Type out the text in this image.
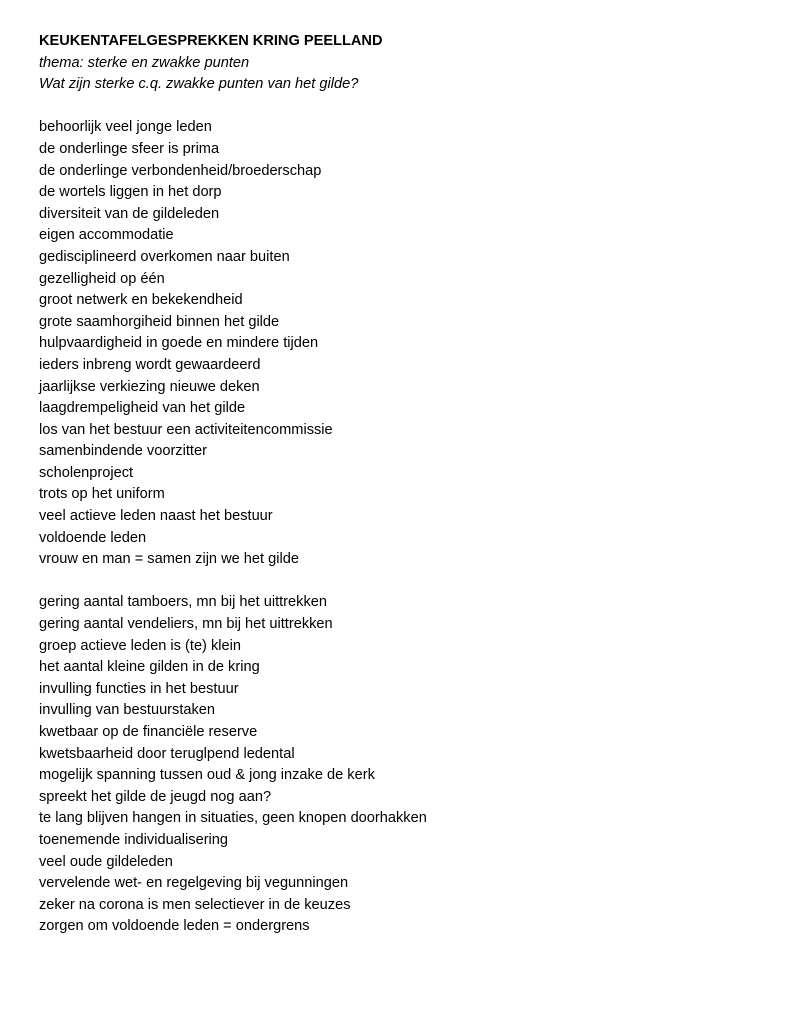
KEUKENTAFELGESPREKKEN KRING PEELLAND
thema: sterke en zwakke punten
Wat zijn sterke c.q. zwakke punten van het gilde?
behoorlijk veel jonge leden
de onderlinge sfeer is prima
de onderlinge verbondenheid/broederschap
de wortels liggen in het dorp
diversiteit van de gildeleden
eigen accommodatie
gedisciplineerd overkomen naar buiten
gezelligheid op één
groot netwerk en bekekendheid
grote saamhorgiheid binnen het gilde
hulpvaardigheid in goede en mindere tijden
ieders inbreng wordt gewaardeerd
jaarlijkse verkiezing nieuwe deken
laagdrempeligheid van het gilde
los van het bestuur een activiteitencommissie
samenbindende voorzitter
scholenproject
trots op het uniform
veel actieve leden naast het bestuur
voldoende leden
vrouw en man = samen zijn we het gilde
gering aantal tamboers, mn bij het uittrekken
gering aantal vendeliers, mn bij het uittrekken
groep actieve leden is (te) klein
het aantal kleine gilden in de kring
invulling functies in het bestuur
invulling van bestuurstaken
kwetbaar op de financiële reserve
kwetsbaarheid door teruglpend ledental
mogelijk spanning tussen oud & jong inzake de kerk
spreekt het gilde de jeugd nog aan?
te lang blijven hangen in situaties, geen knopen doorhakken
toenemende individualisering
veel oude gildeleden
vervelende wet- en regelgeving bij vegunningen
zeker na corona is men selectiever in de keuzes
zorgen om voldoende leden = ondergrens
